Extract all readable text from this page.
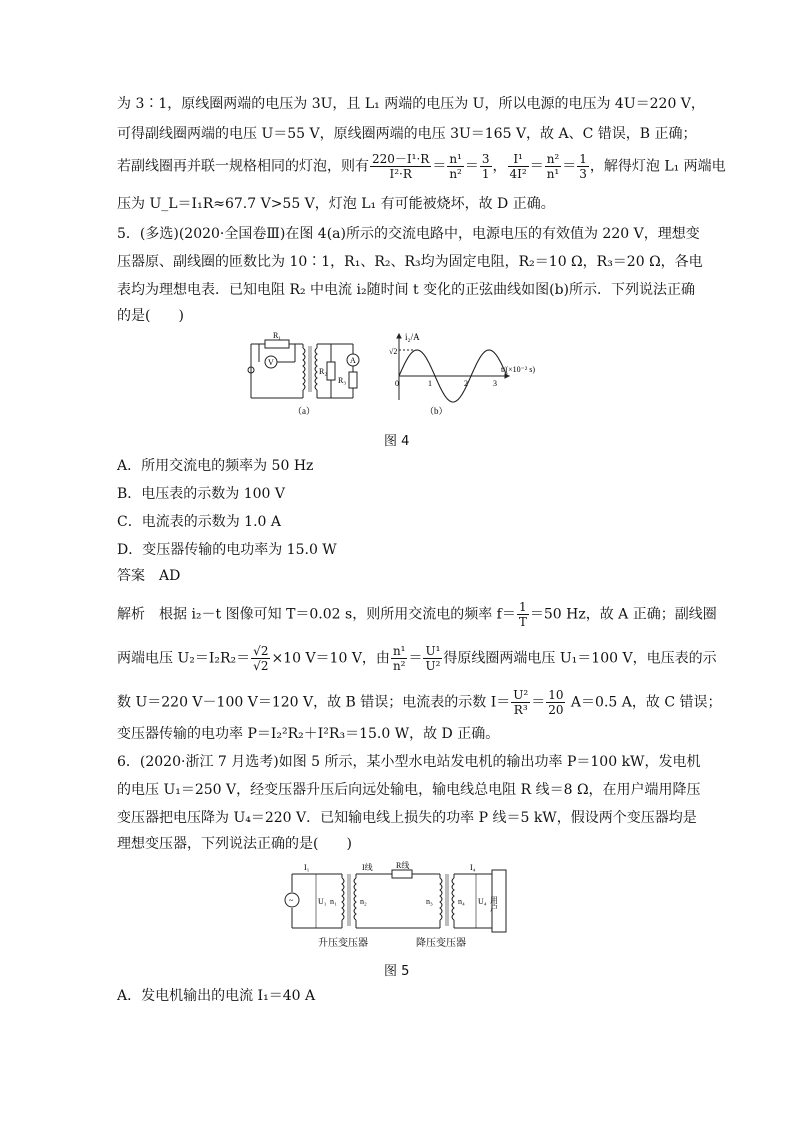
为 3∶1，原线圈两端的电压为 3U，且 L₁ 两端的电压为 U，所以电源的电压为 4U＝220 V，
可得副线圈两端的电压 U＝55 V，原线圈两端的电压 3U＝165 V，故 A、C 错误，B 正确；
若副线圈再并联一规格相同的灯泡，则有 $\frac{\text{220－I¹·R}}{\text{I²·R}} = \frac{\text{n¹}}{\text{n²}} = \frac{3}{1}$ ， $\frac{\text{I¹}}{\text{4I²}} = \frac{\text{n²}}{\text{n¹}} = \frac{1}{3}$ ，解得灯泡 L₁ 两端电
压为 U_L＝I₁R≈67.7 V>55 V，灯泡 L₁ 有可能被烧坏，故 D 正确。
5．(多选)(2020·全国卷Ⅲ)在图 4(a)所示的交流电路中，电源电压的有效值为 220 V，理想变
压器原、副线圈的匝数比为 10∶1，R₁、R₂、R₃均为固定电阻，R₂＝10 Ω，R₃＝20 Ω，各电
表均为理想电表．已知电阻 R₂ 中电流 i₂随时间 t 变化的正弦曲线如图(b)所示．下列说法正确
的是(　　)
R₁
V
R₂
A
R₃
（a）
i₂/A
√2
t/(×10⁻² s)
0	1	2	3
（b）
图 4
A．所用交流电的频率为 50 Hz
B．电压表的示数为 100 V
C．电流表的示数为 1.0 A
D．变压器传输的电功率为 15.0 W
答案　AD
解析　根据 i₂－t 图像可知 T＝0.02 s，则所用交流电的频率 $f= \frac{1}{T} =50$ Hz，故 A 正确；副线圈
两端电压 $U_2=I_2R_2= \frac{√2}{√2} \times 10$ V＝10 V，由 $\frac{\text{n¹}}{\text{n²}} = \frac{\text{U¹}}{\text{U²}}$ 得原线圈两端电压 U₁＝100 V，电压表的示
数 U＝220 V－100 V＝120 V，故 B 错误；电流表的示数 $I= \frac{\text{U²}}{\text{R³}} = \frac{10}{20} A=0.5$ A，故 C 错误；
变压器传输的电功率 P＝I₂²R₂＋I²R₃＝15.0 W，故 D 正确。
6．(2020·浙江 7 月选考)如图 5 所示，某小型水电站发电机的输出功率 P＝100 kW，发电机
的电压 U₁＝250 V，经变压器升压后向远处输电，输电线总电阻 R 线＝8 Ω，在用户端用降压
变压器把电压降为 U₄＝220 V．已知输电线上损失的功率 P 线＝5 kW，假设两个变压器均是
理想变压器，下列说法正确的是(　　)
~
I₁
U₁ n₁	n₂
I线	R线
n₃	n₄ U₄
I₄
用户
升压变压器	降压变压器
图 5
A．发电机输出的电流 I₁＝40 A
